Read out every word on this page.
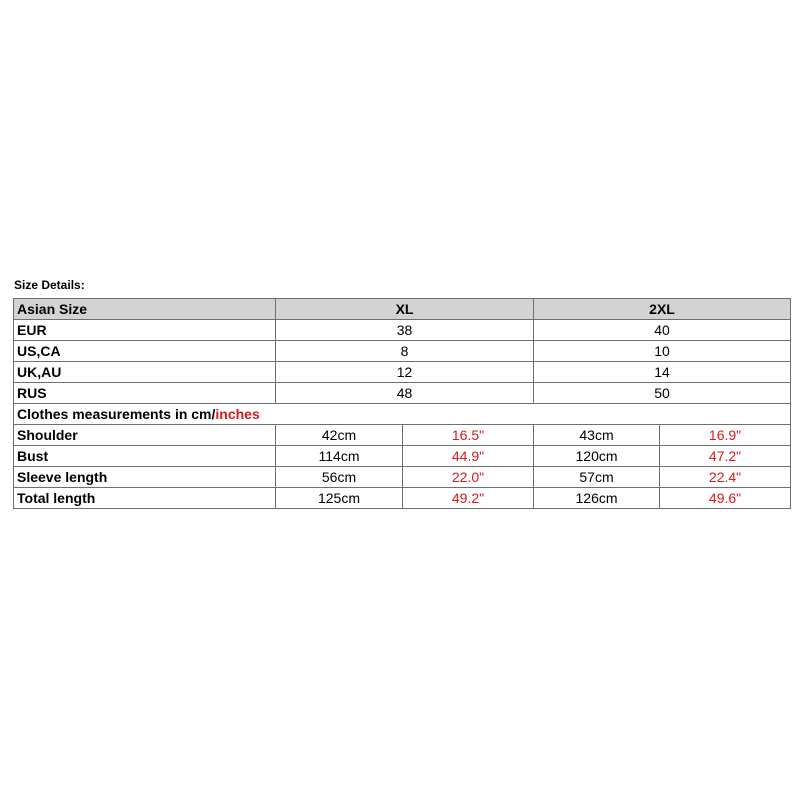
Size Details:
Asian Size	XL		2XL	
EUR	38		40	
US,CA	8		10	
UK,AU	12		14	
RUS	48		50	
Clothes measurements in cm/inches				
Shoulder	42cm	16.5"	43cm	16.9"
Bust	114cm	44.9"	120cm	47.2"
Sleeve length	56cm	22.0"	57cm	22.4"
Total length	125cm	49.2"	126cm	49.6"
